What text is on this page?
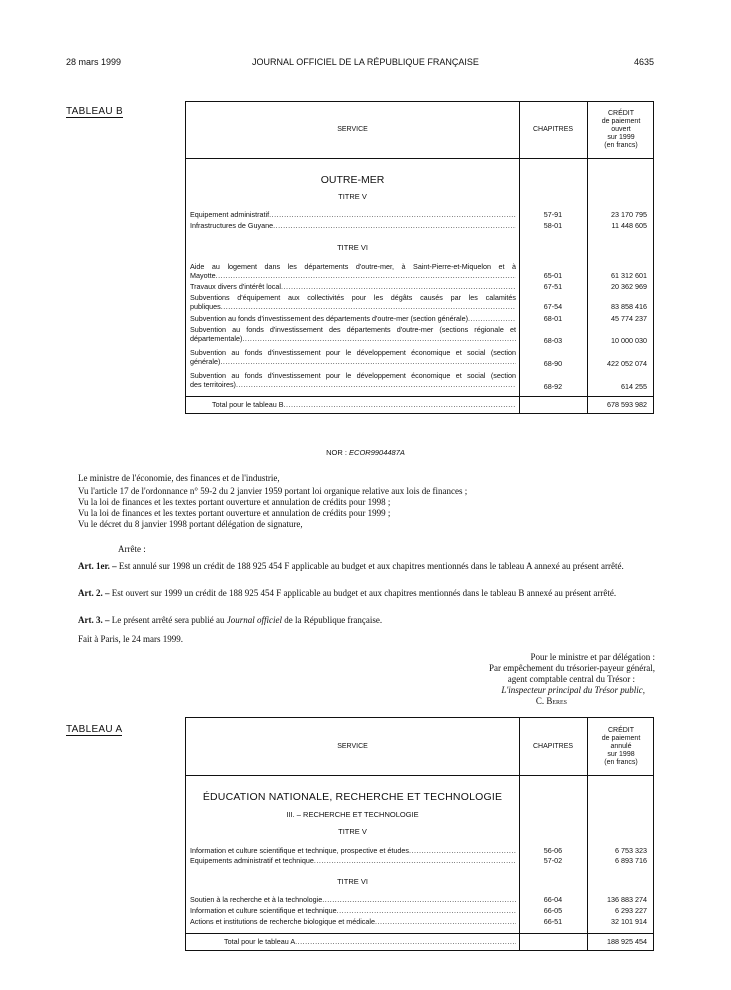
28 mars 1999	JOURNAL OFFICIEL DE LA RÉPUBLIQUE FRANÇAISE	4635
TABLEAU B
SERVICE	CHAPITRES
CRÉDIT
de paiement
ouvert
sur 1999
(en francs)
OUTRE-MER
TITRE V
Equipement administratif .....	57-91	23 170 795
Infrastructures de Guyane .....	58-01	11 448 605
TITRE VI
Aide au logement dans les départements d'outre-mer, à Saint-Pierre-et-Miquelon et à
Mayotte .....	65-01	61 312 601
Travaux divers d'intérêt local .....	67-51	20 362 969
Subventions d'équipement aux collectivités pour les dégâts causés par les calamités
publiques .....	67-54	83 858 416
Subvention au fonds d'investissement des départements d'outre-mer (section générale) .....	68-01	45 774 237
Subvention au fonds d'investissement des départements d'outre-mer (sections régionale et
départementale) .....	68-03	10 000 030
Subvention au fonds d'investissement pour le développement économique et social (section
générale) .....	68-90	422 052 074
Subvention au fonds d'investissement pour le développement économique et social (section
des territoires) .....	68-92	614 255
Total pour le tableau B .....	678 593 982
NOR : ECOR9904487A
Le ministre de l'économie, des finances et de l'industrie,
Vu l'article 17 de l'ordonnance n° 59-2 du 2 janvier 1959 portant loi organique relative aux lois de finances ;
Vu la loi de finances et les textes portant ouverture et annulation de crédits pour 1998 ;
Vu la loi de finances et les textes portant ouverture et annulation de crédits pour 1999 ;
Vu le décret du 8 janvier 1998 portant délégation de signature,
Arrête :
Art. 1er. – Est annulé sur 1998 un crédit de 188 925 454 F applicable au budget et aux chapitres mentionnés dans le tableau A annexé au présent arrêté.
Art. 2. – Est ouvert sur 1999 un crédit de 188 925 454 F applicable au budget et aux chapitres mentionnés dans le tableau B annexé au présent arrêté.
Art. 3. – Le présent arrêté sera publié au Journal officiel de la République française.
Fait à Paris, le 24 mars 1999.
Pour le ministre et par délégation :
Par empêchement du trésorier-payeur général,
agent comptable central du Trésor :
L'inspecteur principal du Trésor public,
C. Beres
TABLEAU A
SERVICE	CHAPITRES
CRÉDIT
de paiement
annulé
sur 1998
(en francs)
ÉDUCATION NATIONALE, RECHERCHE ET TECHNOLOGIE
III. – RECHERCHE ET TECHNOLOGIE
TITRE V
Information et culture scientifique et technique, prospective et études .....	56-06	6 753 323
Equipements administratif et technique .....	57-02	6 893 716
TITRE VI
Soutien à la recherche et à la technologie .....	66-04	136 883 274
Information et culture scientifique et technique .....	66-05	6 293 227
Actions et institutions de recherche biologique et médicale .....	66-51	32 101 914
Total pour le tableau A .....	188 925 454
